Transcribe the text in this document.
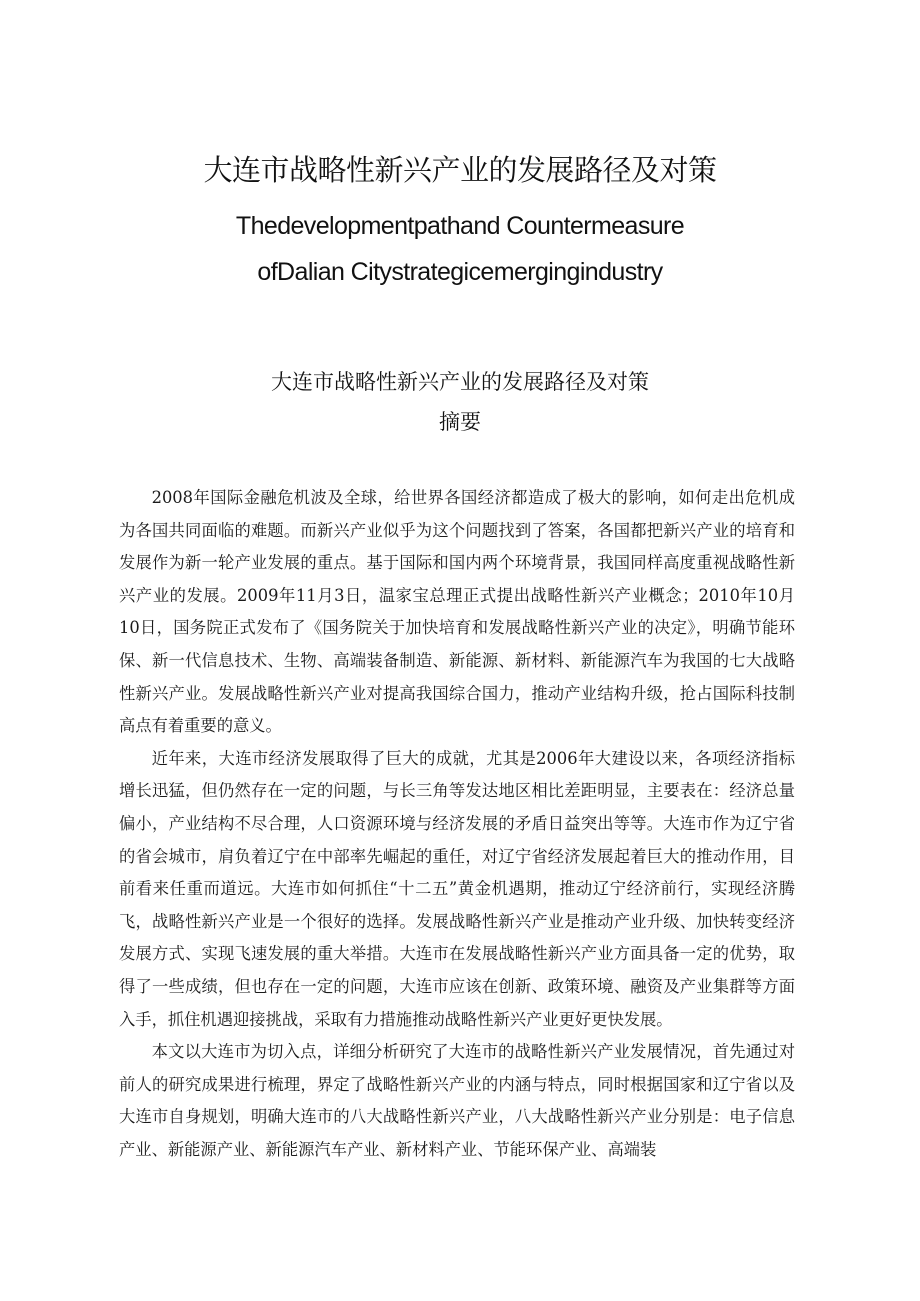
大连市战略性新兴产业的发展路径及对策
Thedevelopmentpathand Countermeasure
ofDalian Citystrategicemergingindustry
大连市战略性新兴产业的发展路径及对策
摘要

2008年国际金融危机波及全球，给世界各国经济都造成了极大的影响，如何走出危机成为各国共同面临的难题。而新兴产业似乎为这个问题找到了答案，各国都把新兴产业的培育和发展作为新一轮产业发展的重点。基于国际和国内两个环境背景，我国同样高度重视战略性新兴产业的发展。2009年11月3日，温家宝总理正式提出战略性新兴产业概念；2010年10月10日，国务院正式发布了《国务院关于加快培育和发展战略性新兴产业的决定》，明确节能环保、新一代信息技术、生物、高端装备制造、新能源、新材料、新能源汽车为我国的七大战略性新兴产业。发展战略性新兴产业对提高我国综合国力，推动产业结构升级，抢占国际科技制高点有着重要的意义。

近年来，大连市经济发展取得了巨大的成就，尤其是2006年大建设以来，各项经济指标增长迅猛，但仍然存在一定的问题，与长三角等发达地区相比差距明显，主要表在：经济总量偏小，产业结构不尽合理，人口资源环境与经济发展的矛盾日益突出等等。大连市作为辽宁省的省会城市，肩负着辽宁在中部率先崛起的重任，对辽宁省经济发展起着巨大的推动作用，目前看来任重而道远。大连市如何抓住“十二五”黄金机遇期，推动辽宁经济前行，实现经济腾飞，战略性新兴产业是一个很好的选择。发展战略性新兴产业是推动产业升级、加快转变经济发展方式、实现飞速发展的重大举措。大连市在发展战略性新兴产业方面具备一定的优势，取得了一些成绩，但也存在一定的问题，大连市应该在创新、政策环境、融资及产业集群等方面入手，抓住机遇迎接挑战，采取有力措施推动战略性新兴产业更好更快发展。

本文以大连市为切入点，详细分析研究了大连市的战略性新兴产业发展情况，首先通过对前人的研究成果进行梳理，界定了战略性新兴产业的内涵与特点，同时根据国家和辽宁省以及大连市自身规划，明确大连市的八大战略性新兴产业，八大战略性新兴产业分别是：电子信息产业、新能源产业、新能源汽车产业、新材料产业、节能环保产业、高端装
